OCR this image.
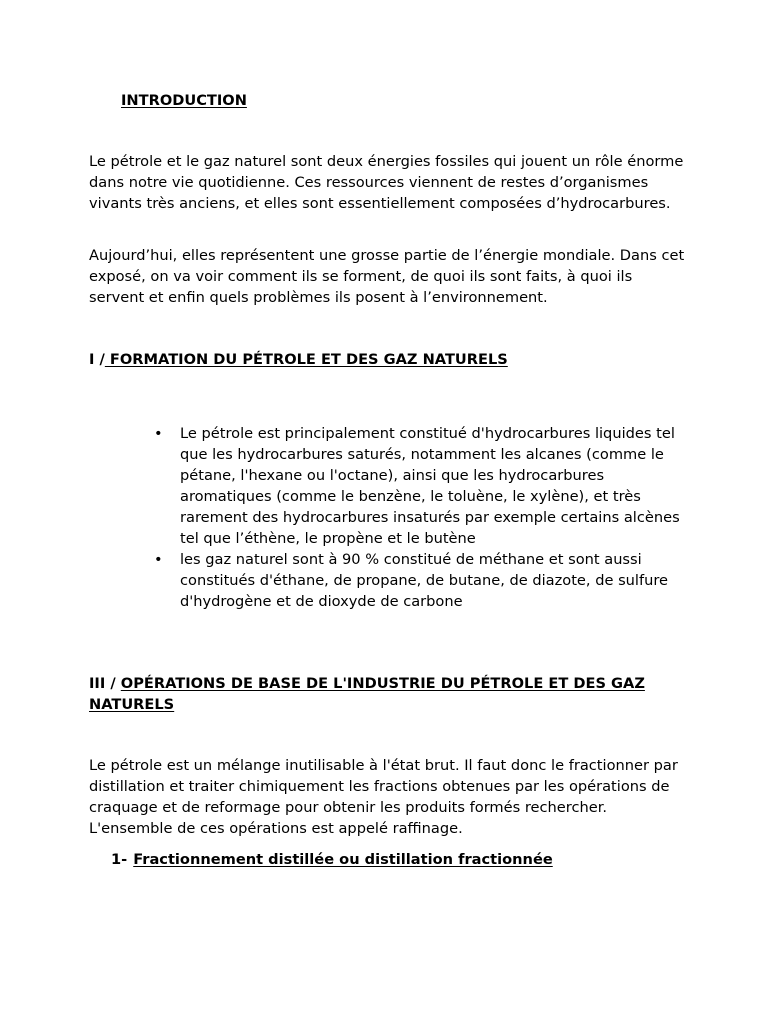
INTRODUCTION

Le pétrole et le gaz naturel sont deux énergies fossiles qui jouent un rôle énorme dans notre vie quotidienne. Ces ressources viennent de restes d’organismes vivants très anciens, et elles sont essentiellement composées d’hydrocarbures.

Aujourd’hui, elles représentent une grosse partie de l’énergie mondiale. Dans cet exposé, on va voir comment ils se forment, de quoi ils sont faits, à quoi ils servent et enfin quels problèmes ils posent à l’environnement.

I / FORMATION DU PÉTROLE ET DES GAZ NATURELS

• Le pétrole est principalement constitué d'hydrocarbures liquides tel que les hydrocarbures saturés, notamment les alcanes (comme le pétane, l'hexane ou l'octane), ainsi que les hydrocarbures aromatiques (comme le benzène, le toluène, le xylène), et très rarement des hydrocarbures insaturés par exemple certains alcènes tel que l’éthène, le propène et le butène
• les gaz naturel sont à 90 % constitué de méthane et sont aussi constitués d'éthane, de propane, de butane, de diazote, de sulfure d'hydrogène et de dioxyde de carbone

III / OPÉRATIONS DE BASE DE L'INDUSTRIE DU PÉTROLE ET DES GAZ NATURELS

Le pétrole est un mélange inutilisable à l'état brut. Il faut donc le fractionner par distillation et traiter chimiquement les fractions obtenues par les opérations de craquage et de reformage pour obtenir les produits formés rechercher. L'ensemble de ces opérations est appelé raffinage.

1- Fractionnement distillée ou distillation fractionnée
